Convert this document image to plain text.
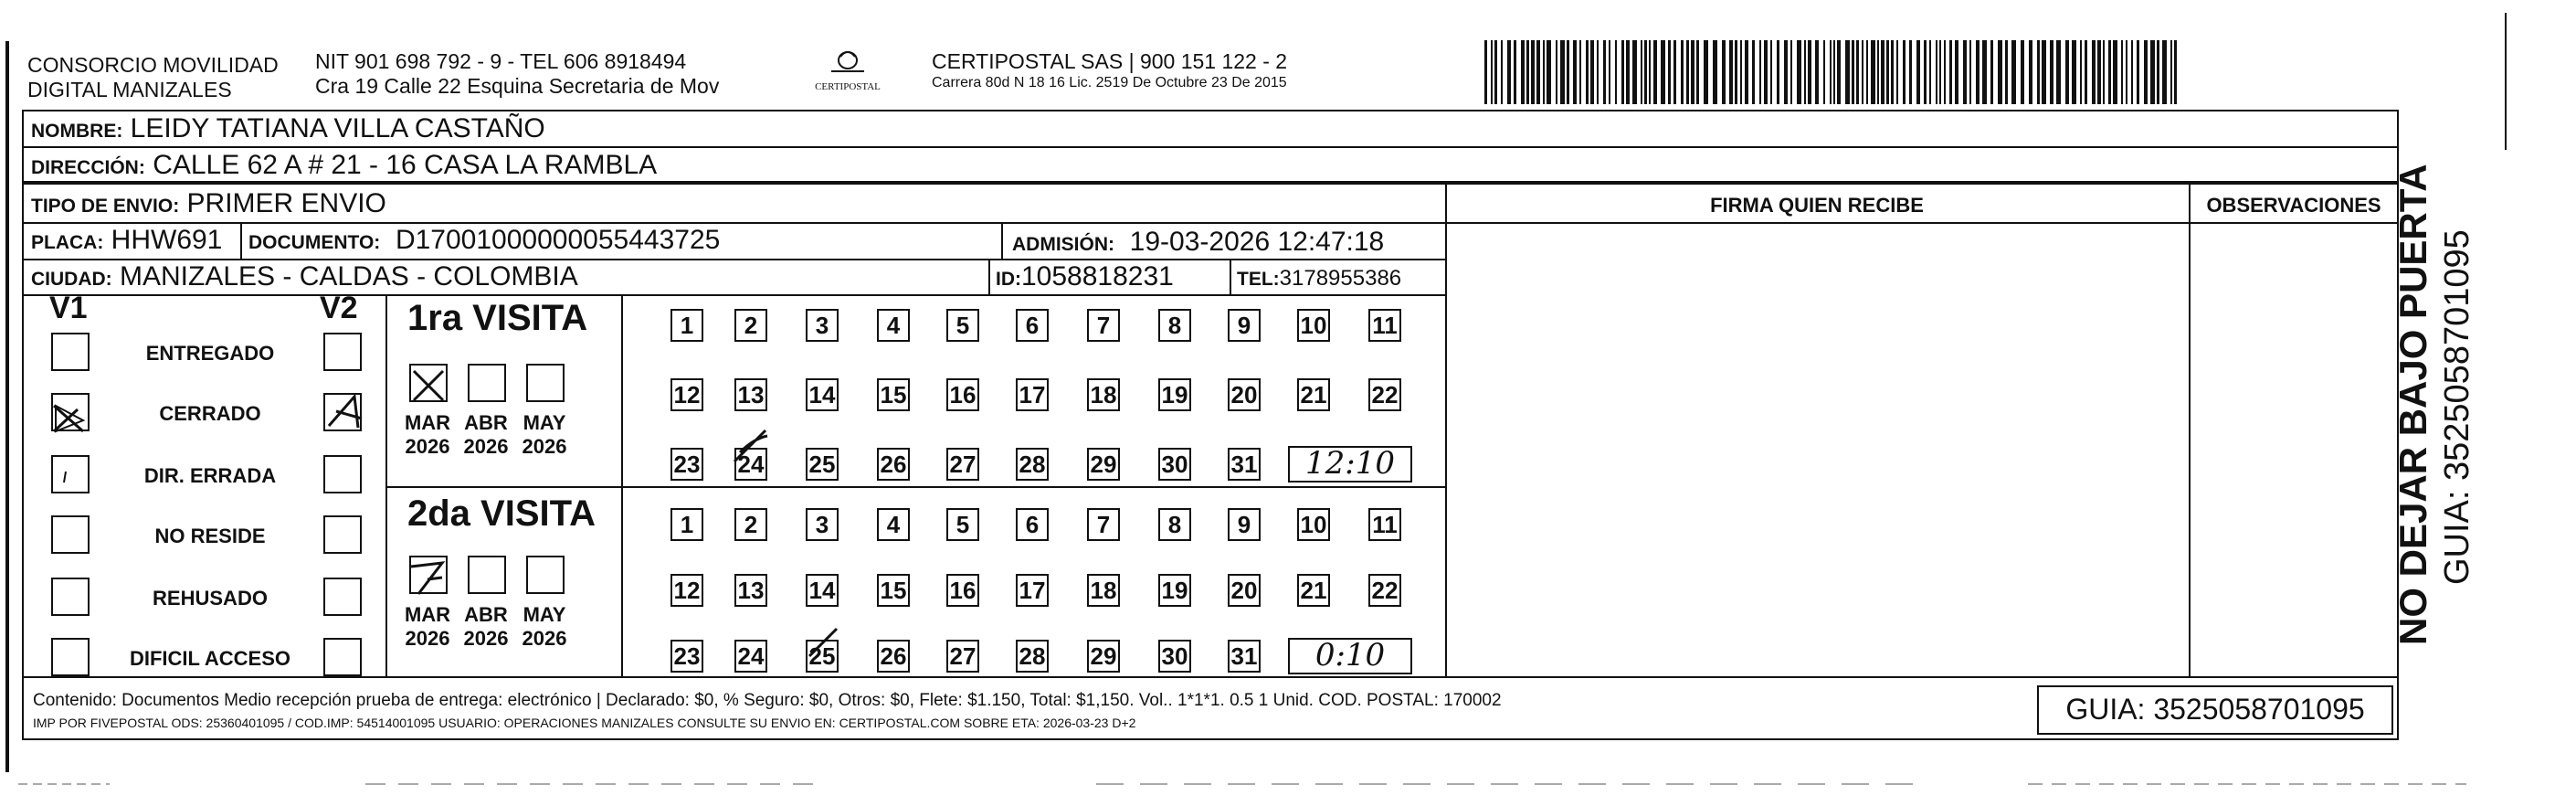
CONSORCIO MOVILIDAD
DIGITAL MANIZALES
NIT 901 698 792 - 9 - TEL 606 8918494
Cra 19 Calle 22 Esquina Secretaria de Mov	CERTIPOSTAL
CERTIPOSTAL SAS | 900 151 122 - 2
Carrera 80d N 18 16 Lic. 2519 De Octubre 23 De 2015
NOMBRE: LEIDY TATIANA VILLA CASTAÑO
DIRECCIÓN: CALLE 62 A # 21 - 16 CASA LA RAMBLA
TIPO DE ENVIO: PRIMER ENVIO
PLACA: HHW691 DOCUMENTO: D17001000000055443725	ADMISIÓN: 19-03-2026 12:47:18
CIUDAD: MANIZALES - CALDAS - COLOMBIA	ID:1058818231	TEL:3178955386
FIRMA QUIEN RECIBE	OBSERVACIONES NO DEJAR BAJO PUERTA GUIA: 3525058701095
V1	V2
ENTREGADO
CERRADO
DIR. ERRADA
NO RESIDE
REHUSADO
DIFICIL ACCESO
1ra VISITA
2da VISITA
MAR
2026
ABR
2026
MAY
2026
MAR
2026
ABR
2026
MAY
2026
1	2	3	4	5	6	7	8	9	10 11
12 13 14 15 16 17 18 19 20 21 22
23 24 25 26 27 28 29 30 31	12:10
1	2	3	4	5	6	7	8	9	10 11
12 13 14 15 16 17 18 19 20 21 22
23 24 25 26 27 28 29 30 31	0:10
Contenido: Documentos Medio recepción prueba de entrega: electrónico | Declarado: $0, % Seguro: $0, Otros: $0, Flete: $1.150, Total: $1,150. Vol.. 1*1*1. 0.5 1 Unid. COD. POSTAL: 170002
IMP POR FIVEPOSTAL ODS: 25360401095 / COD.IMP: 54514001095 USUARIO: OPERACIONES MANIZALES CONSULTE SU ENVIO EN: CERTIPOSTAL.COM SOBRE ETA: 2026-03-23 D+2	GUIA: 3525058701095
